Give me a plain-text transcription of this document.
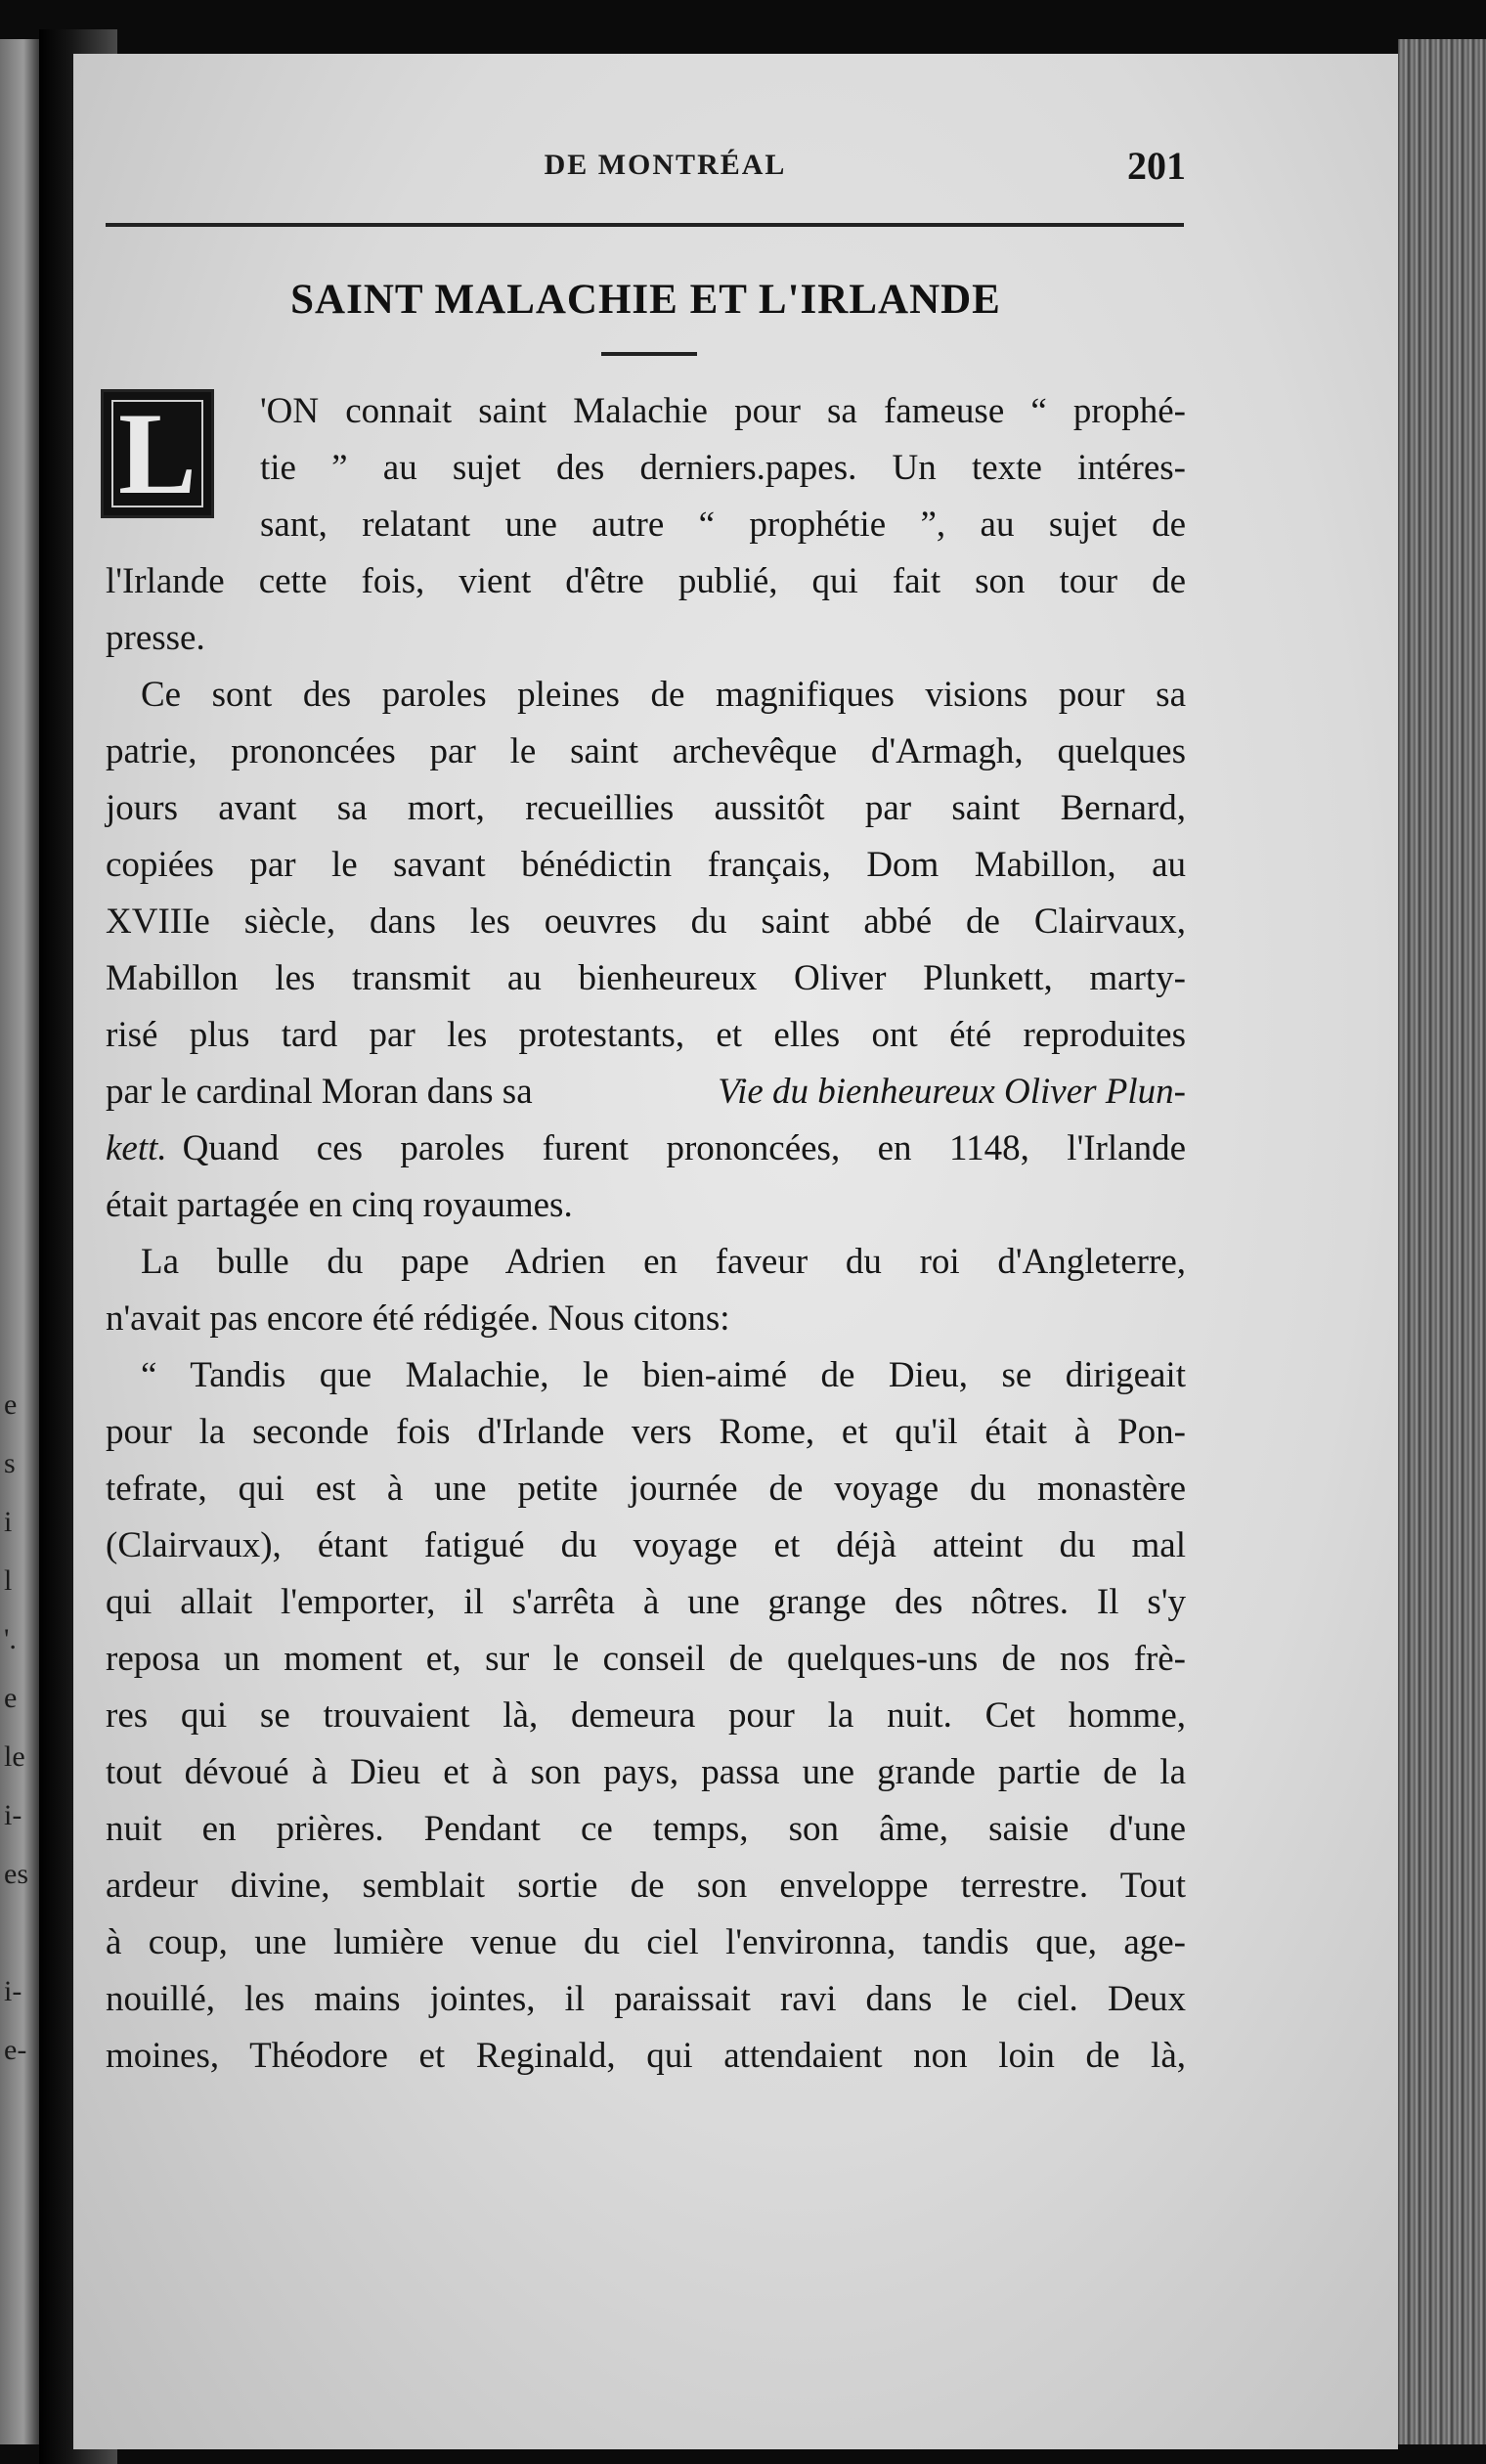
e
s
i
l
'.
e
le
i-
es
i-
e-
DE MONTRÉAL	201
SAINT MALACHIE ET L'IRLANDE
L	'ON connait saint Malachie pour sa fameuse “ prophé-
tie ” au sujet des derniers.papes. Un texte intéres-
sant, relatant une autre “ prophétie ”, au sujet de
l'Irlande cette fois, vient d'être publié, qui fait son tour de
presse.
Ce sont des paroles pleines de magnifiques visions pour sa
patrie, prononcées par le saint archevêque d'Armagh, quelques
jours avant sa mort, recueillies aussitôt par saint Bernard,
copiées par le savant bénédictin français, Dom Mabillon, au
XVIIIe siècle, dans les oeuvres du saint abbé de Clairvaux,
Mabillon les transmit au bienheureux Oliver Plunkett, marty-
risé plus tard par les protestants, et elles ont été reproduites
par le cardinal Moran dans sa	Vie du bienheureux Oliver Plun-
kett. Quand ces paroles furent prononcées, en 1148, l'Irlande
était partagée en cinq royaumes.
La bulle du pape Adrien en faveur du roi d'Angleterre,
n'avait pas encore été rédigée. Nous citons:
“ Tandis que Malachie, le bien-aimé de Dieu, se dirigeait
pour la seconde fois d'Irlande vers Rome, et qu'il était à Pon-
tefrate, qui est à une petite journée de voyage du monastère
(Clairvaux), étant fatigué du voyage et déjà atteint du mal
qui allait l'emporter, il s'arrêta à une grange des nôtres. Il s'y
reposa un moment et, sur le conseil de quelques-uns de nos frè-
res qui se trouvaient là, demeura pour la nuit. Cet homme,
tout dévoué à Dieu et à son pays, passa une grande partie de la
nuit en prières. Pendant ce temps, son âme, saisie d'une
ardeur divine, semblait sortie de son enveloppe terrestre. Tout
à coup, une lumière venue du ciel l'environna, tandis que, age-
nouillé, les mains jointes, il paraissait ravi dans le ciel. Deux
moines, Théodore et Reginald, qui attendaient non loin de là,
